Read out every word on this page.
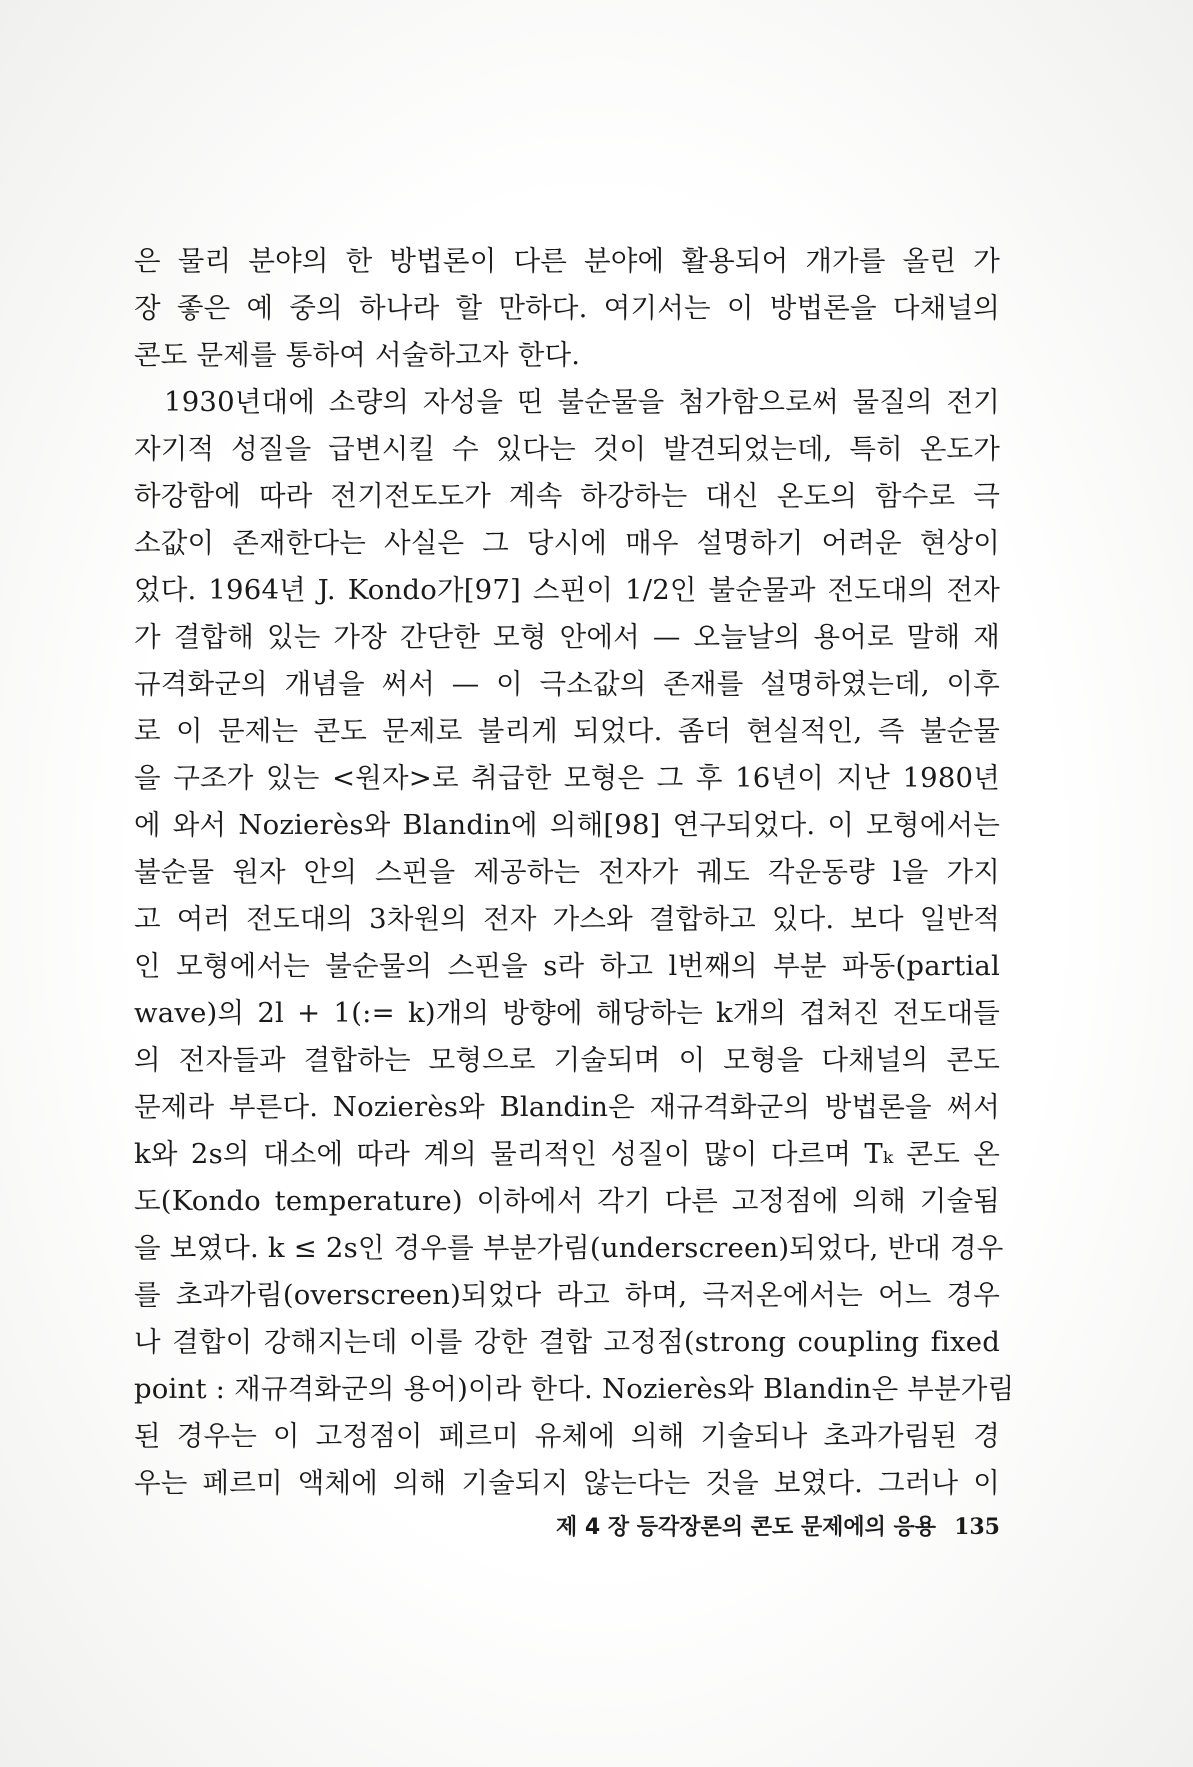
은 물리 분야의 한 방법론이 다른 분야에 활용되어 개가를 올린 가
장 좋은 예 중의 하나라 할 만하다. 여기서는 이 방법론을 다채널의
콘도 문제를 통하여 서술하고자 한다.
1930년대에 소량의 자성을 띤 불순물을 첨가함으로써 물질의 전기
자기적 성질을 급변시킬 수 있다는 것이 발견되었는데, 특히 온도가
하강함에 따라 전기전도도가 계속 하강하는 대신 온도의 함수로 극
소값이 존재한다는 사실은 그 당시에 매우 설명하기 어려운 현상이
었다. 1964년 J. Kondo가[97] 스핀이 1/2인 불순물과 전도대의 전자
가 결합해 있는 가장 간단한 모형 안에서 — 오늘날의 용어로 말해 재
규격화군의 개념을 써서 — 이 극소값의 존재를 설명하였는데, 이후
로 이 문제는 콘도 문제로 불리게 되었다. 좀더 현실적인, 즉 불순물
을 구조가 있는 <원자>로 취급한 모형은 그 후 16년이 지난 1980년
에 와서 Nozierès와 Blandin에 의해[98] 연구되었다. 이 모형에서는
불순물 원자 안의 스핀을 제공하는 전자가 궤도 각운동량 l을 가지
고 여러 전도대의 3차원의 전자 가스와 결합하고 있다. 보다 일반적
인 모형에서는 불순물의 스핀을 s라 하고 l번째의 부분 파동(partial
wave)의 2l + 1(:= k)개의 방향에 해당하는 k개의 겹쳐진 전도대들
의 전자들과 결합하는 모형으로 기술되며 이 모형을 다채널의 콘도
문제라 부른다. Nozierès와 Blandin은 재규격화군의 방법론을 써서
k와 2s의 대소에 따라 계의 물리적인 성질이 많이 다르며 Tₖ 콘도 온
도(Kondo temperature) 이하에서 각기 다른 고정점에 의해 기술됨
을 보였다. k ≤ 2s인 경우를 부분가림(underscreen)되었다, 반대 경우
를 초과가림(overscreen)되었다 라고 하며, 극저온에서는 어느 경우
나 결합이 강해지는데 이를 강한 결합 고정점(strong coupling fixed
point : 재규격화군의 용어)이라 한다. Nozierès와 Blandin은 부분가림
된 경우는 이 고정점이 페르미 유체에 의해 기술되나 초과가림된 경
우는 페르미 액체에 의해 기술되지 않는다는 것을 보였다. 그러나 이
제 4 장 등각장론의 콘도 문제에의 응용 135
